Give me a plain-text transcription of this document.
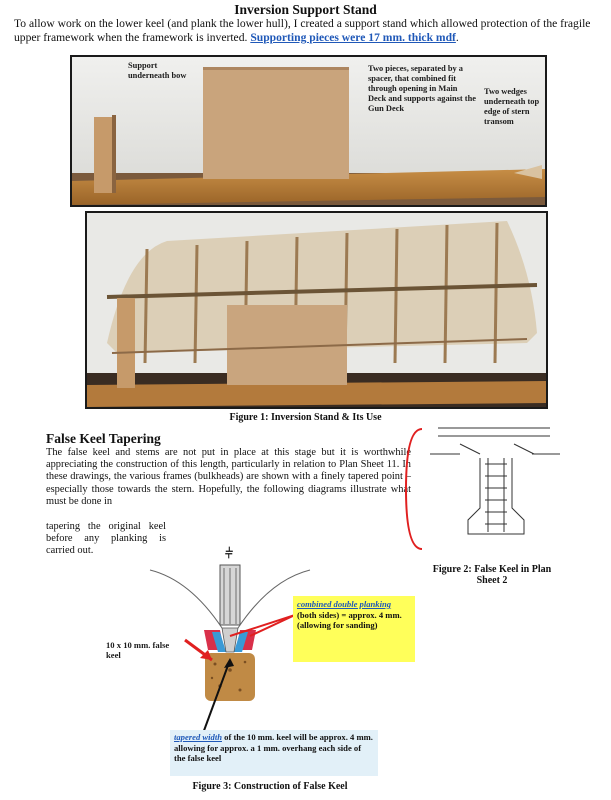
Inversion Support Stand

To allow work on the lower keel (and plank the lower hull), I created a support stand which allowed protection of the fragile upper framework when the framework is inverted. Supporting pieces were 17 mm. thick mdf.

Support underneath bow
Two pieces, separated by a spacer, that combined fit through opening in Main Deck and supports against the Gun Deck
Two wedges underneath top edge of stern transom
Figure 1: Inversion Stand & Its Use
False Keel Tapering

The false keel and stems are not put in place at this stage but it is worthwhile appreciating the construction of this length, particularly in relation to Plan Sheet 11. In these drawings, the various frames (bulkheads) are shown with a finely tapered point – especially those towards the stern. Hopefully, the following diagrams illustrate what must be done in

tapering the original keel before any planking is carried out.

Figure 2: False Keel in Plan Sheet 2
⫩
10 x 10 mm. false keel
combined double planking (both sides) = approx. 4 mm. (allowing for sanding)
tapered width of the 10 mm. keel will be approx. 4 mm. allowing for approx. a 1 mm. overhang each side of the false keel
Figure 3: Construction of False Keel
